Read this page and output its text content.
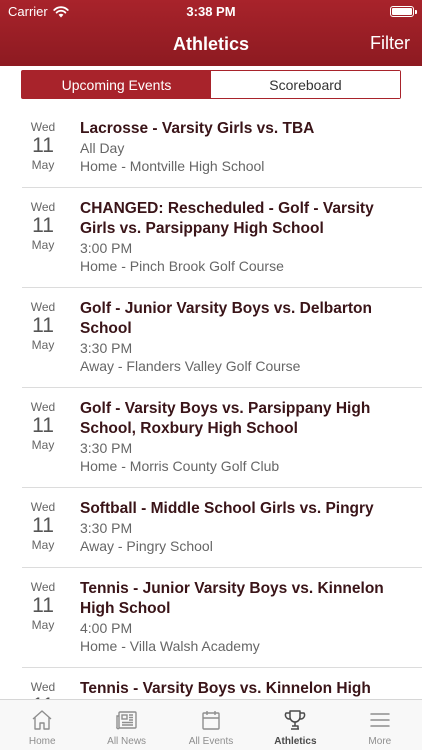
Carrier	3:38 PM
Athletics	Filter
Upcoming Events	Scoreboard
Wed
11
May
Lacrosse - Varsity Girls vs. TBA
All Day
Home - Montville High School
Wed
11
May
CHANGED: Rescheduled - Golf - Varsity Girls vs. Parsippany High School
3:00 PM
Home - Pinch Brook Golf Course
Wed
11
May
Golf - Junior Varsity Boys vs. Delbarton School
3:30 PM
Away - Flanders Valley Golf Course
Wed
11
May
Golf - Varsity Boys vs. Parsippany High School, Roxbury High School
3:30 PM
Home - Morris County Golf Club
Wed
11
May
Softball - Middle School Girls vs. Pingry
3:30 PM
Away - Pingry School
Wed
11
May
Tennis - Junior Varsity Boys vs. Kinnelon High School
4:00 PM
Home - Villa Walsh Academy
Wed	Tennis - Varsity Boys vs. Kinnelon High
Home	All News	All Events	Athletics	More
